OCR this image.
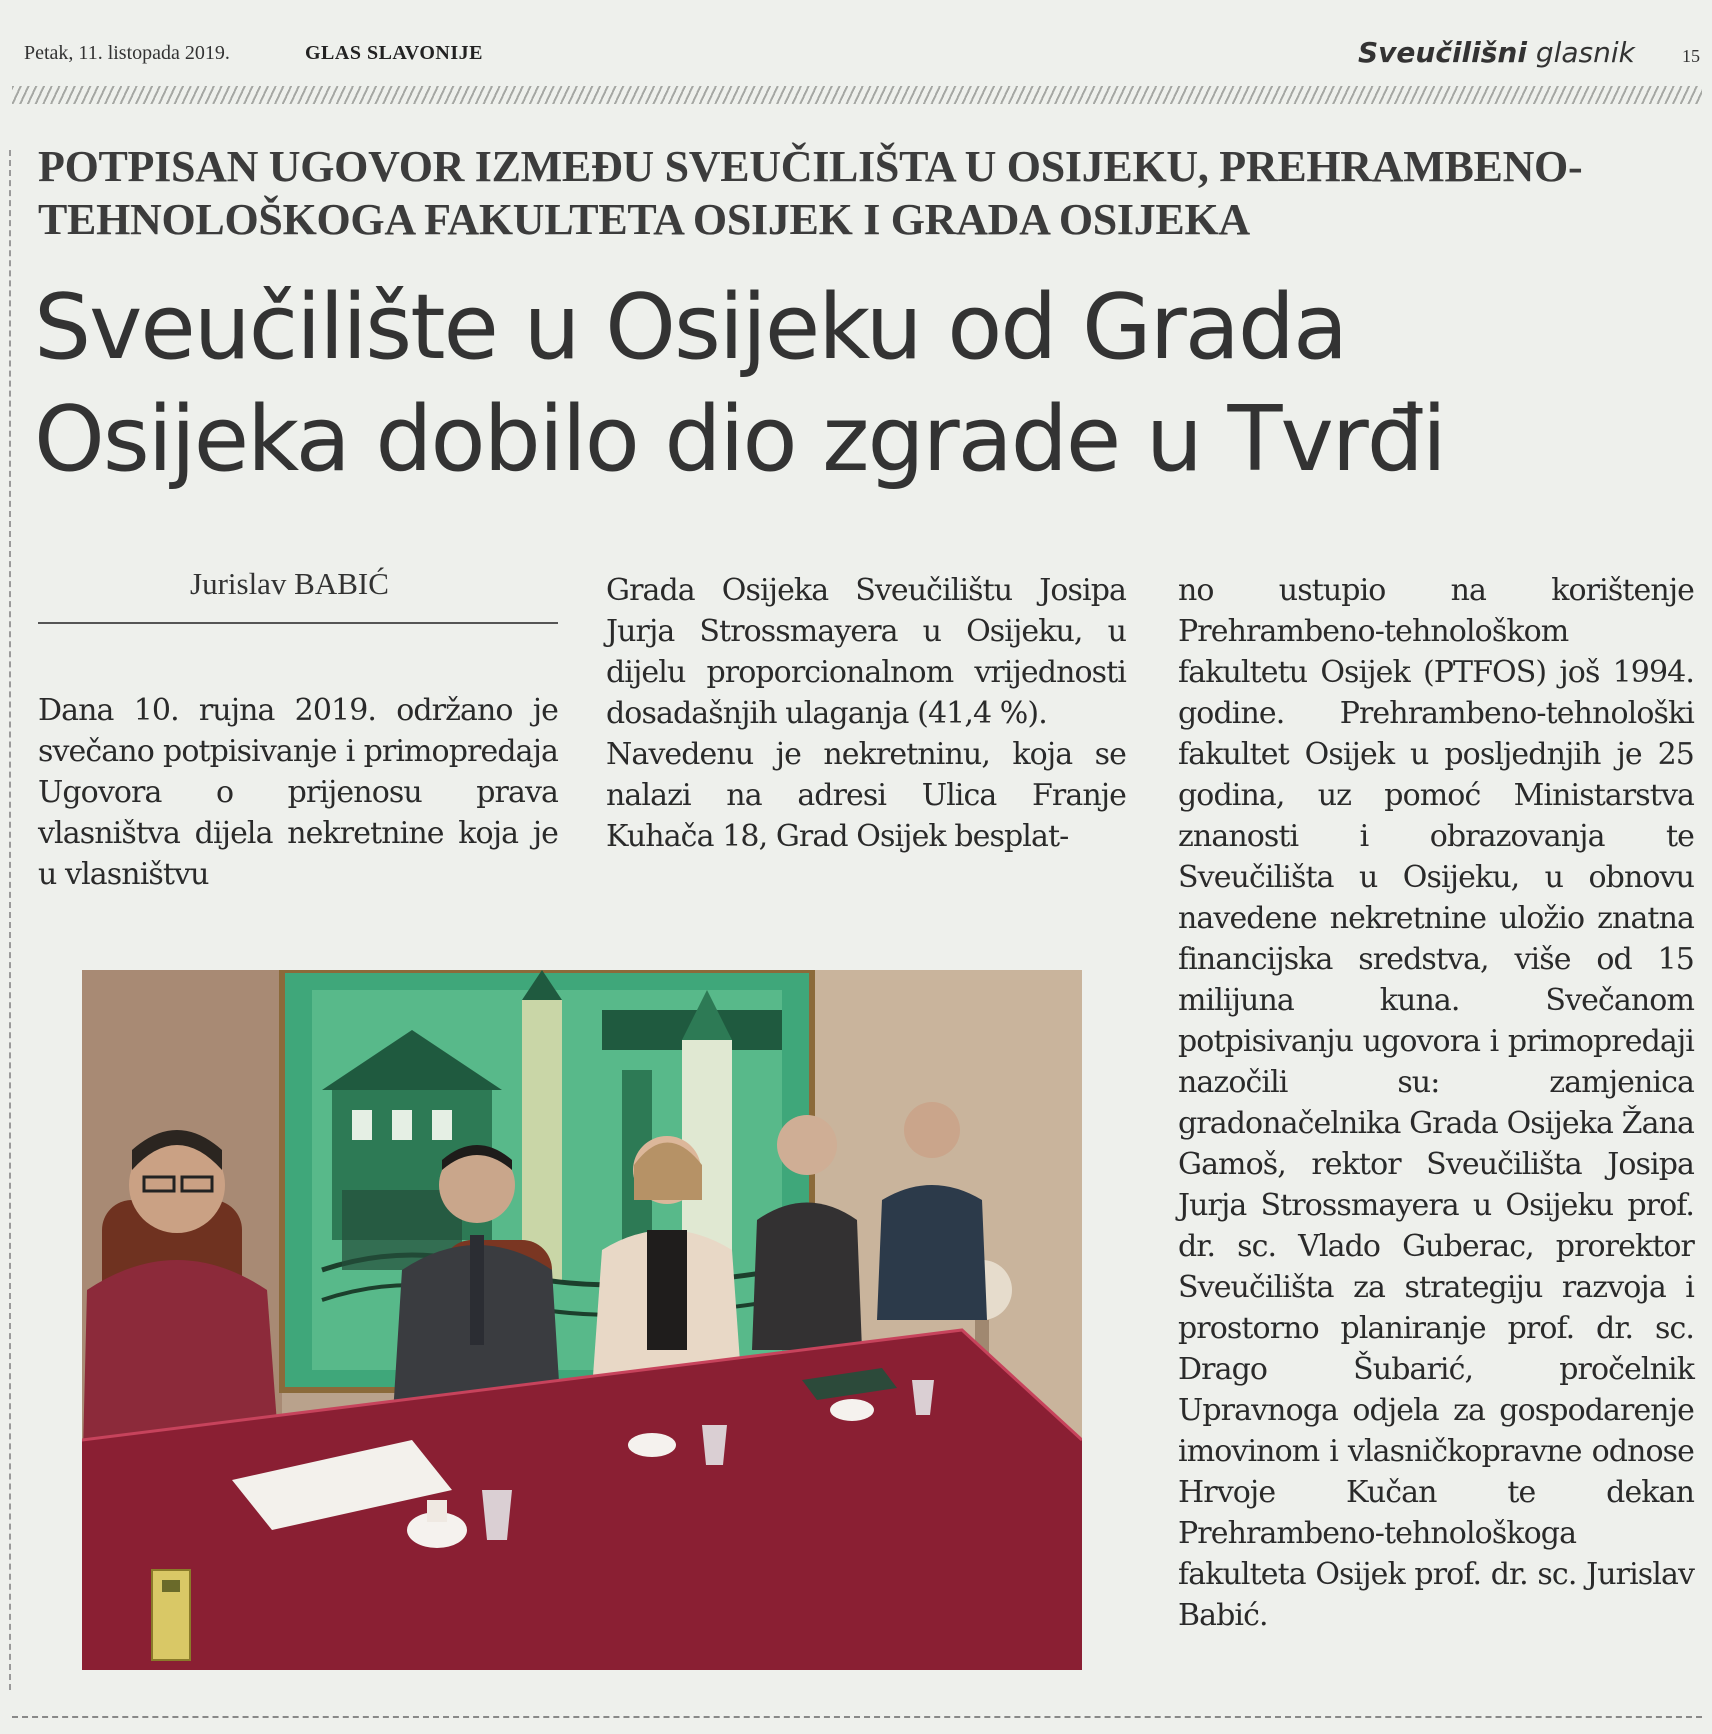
Petak, 11. listopada 2019.	GLAS SLAVONIJE	Sveučilišni glasnik	15
POTPISAN UGOVOR IZMEĐU SVEUČILIŠTA U OSIJEKU, PREHRAMBENO-TEHNOLOŠKOGA FAKULTETA OSIJEK I GRADA OSIJEKA
Sveučilište u Osijeku od Grada Osijeka dobilo dio zgrade u Tvrđi
Jurislav BABIĆ

Dana 10. rujna 2019. održano je svečano potpisivanje i primopredaja Ugovora o prijenosu prava vlasništva dijela nekretnine koja je u vlasništvu

Grada Osijeka Sveučilištu Josipa Jurja Strossmayera u Osijeku, u dijelu proporcionalnom vrijednosti dosadašnjih ulaganja (41,4 %).

Navedenu je nekretninu, koja se nalazi na adresi Ulica Franje Kuhača 18, Grad Osijek besplat-

no ustupio na korištenje Prehrambeno-tehnološkom fakultetu Osijek (PTFOS) još 1994. godine. Prehrambeno-tehnološki fakultet Osijek u posljednjih je 25 godina, uz pomoć Ministarstva znanosti i obrazovanja te Sveučilišta u Osijeku, u obnovu navedene nekretnine uložio znatna financijska sredstva, više od 15 milijuna kuna. Svečanom potpisivanju ugovora i primopredaji nazočili su: zamjenica gradonačelnika Grada Osijeka Žana Gamoš, rektor Sveučilišta Josipa Jurja Strossmayera u Osijeku prof. dr. sc. Vlado Guberac, prorektor Sveučilišta za strategiju razvoja i prostorno planiranje prof. dr. sc. Drago Šubarić, pročelnik Upravnoga odjela za gospodarenje imovinom i vlasničkopravne odnose Hrvoje Kučan te dekan Prehrambeno-tehnološkoga fakulteta Osijek prof. dr. sc. Jurislav Babić.
